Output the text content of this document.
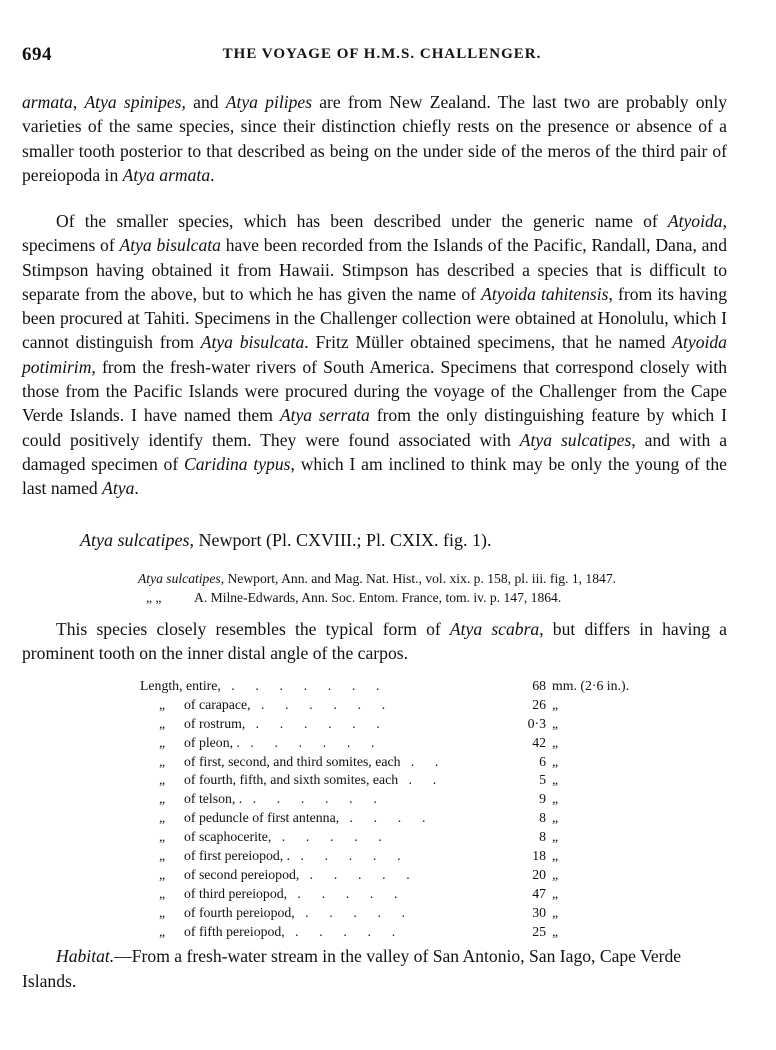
694	THE VOYAGE OF H.M.S. CHALLENGER.

armata, Atya spinipes, and Atya pilipes are from New Zealand. The last two are probably only varieties of the same species, since their distinction chiefly rests on the presence or absence of a smaller tooth posterior to that described as being on the under side of the meros of the third pair of pereiopoda in Atya armata.

Of the smaller species, which has been described under the generic name of Atyoida, specimens of Atya bisulcata have been recorded from the Islands of the Pacific, Randall, Dana, and Stimpson having obtained it from Hawaii. Stimpson has described a species that is difficult to separate from the above, but to which he has given the name of Atyoida tahitensis, from its having been procured at Tahiti. Specimens in the Challenger collection were obtained at Honolulu, which I cannot distinguish from Atya bisulcata. Fritz Müller obtained specimens, that he named Atyoida potimirim, from the fresh-water rivers of South America. Specimens that correspond closely with those from the Pacific Islands were procured during the voyage of the Challenger from the Cape Verde Islands. I have named them Atya serrata from the only distinguishing feature by which I could positively identify them. They were found associated with Atya sulcatipes, and with a damaged specimen of Caridina typus, which I am inclined to think may be only the young of the last named Atya.

Atya sulcatipes, Newport (Pl. CXVIII.; Pl. CXIX. fig. 1).
Atya sulcatipes, Newport, Ann. and Mag. Nat. Hist., vol. xix. p. 158, pl. iii. fig. 1, 1847.
„ „ A. Milne-Edwards, Ann. Soc. Entom. France, tom. iv. p. 147, 1864.

This species closely resembles the typical form of Atya scabra, but differs in having a prominent tooth on the inner distal angle of the carpos.

Length, entire,   .      .      .      .      .      .      .	68 mm. (2·6 in.).
„ of carapace,   .      .      .      .      .      .	26 „
„ of rostrum,   .      .      .      .      .      .	0·3 „
„ of pleon, .   .      .      .      .      .      .	42 „
„ of first, second, and third somites, each   .      .	6 „
„ of fourth, fifth, and sixth somites, each   .      .	5 „
„ of telson, .   .      .      .      .      .      .	9 „
„ of peduncle of first antenna,   .      .      .      .	8 „
„ of scaphocerite,   .      .      .      .      .	8 „
„ of first pereiopod, .   .      .      .      .      .	18 „
„ of second pereiopod,   .      .      .      .      .	20 „
„ of third pereiopod,   .      .      .      .      .	47 „
„ of fourth pereiopod,   .      .      .      .      .	30 „
„ of fifth pereiopod,   .      .      .      .      .	25 „
Habitat.—From a fresh-water stream in the valley of San Antonio, San Iago, Cape Verde Islands.
